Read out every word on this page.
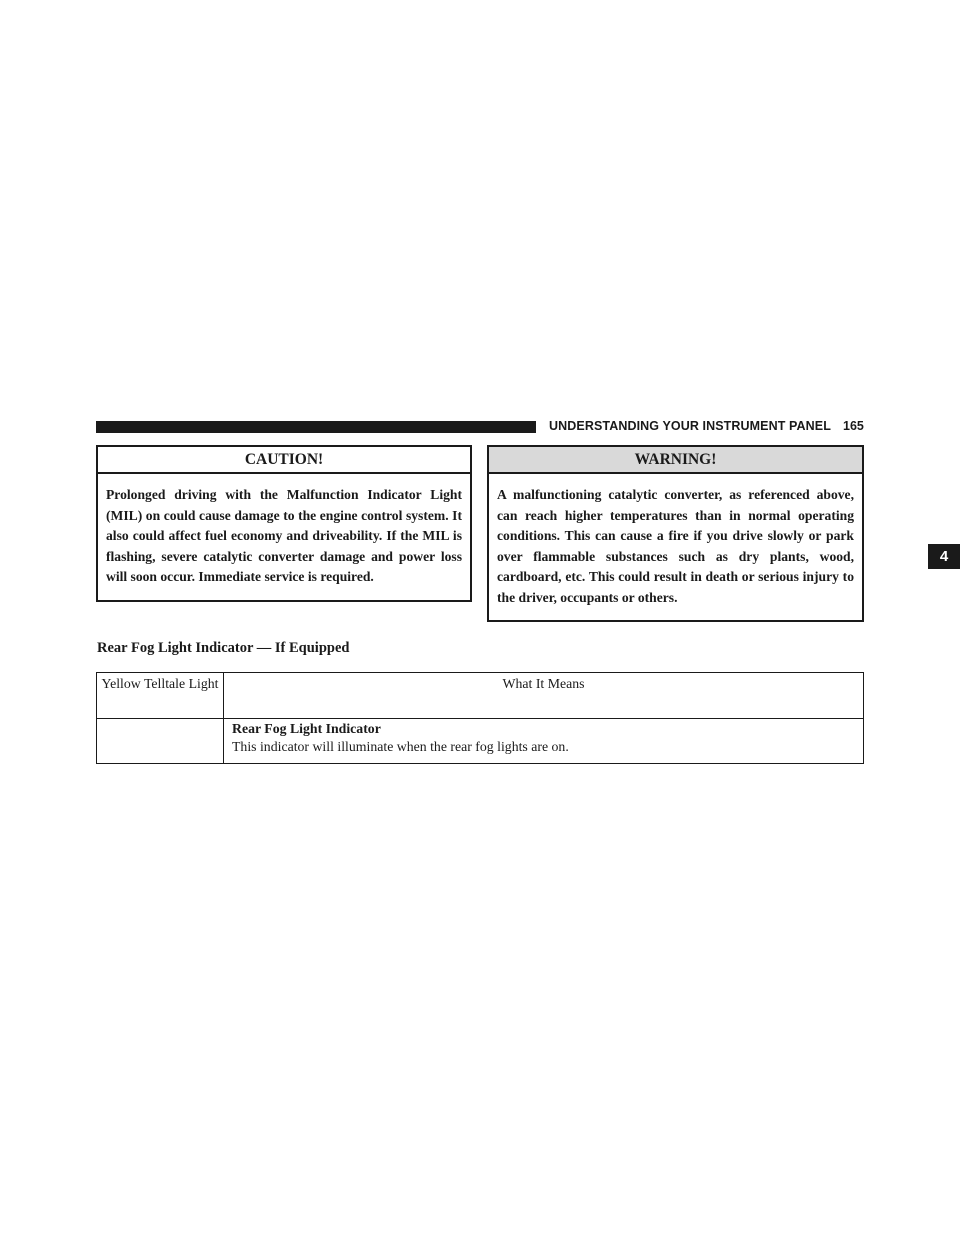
UNDERSTANDING YOUR INSTRUMENT PANEL 165
4
CAUTION!
Prolonged driving with the Malfunction Indicator Light (MIL) on could cause damage to the engine control system. It also could affect fuel economy and driveability. If the MIL is flashing, severe catalytic converter damage and power loss will soon occur. Immediate service is required.
WARNING!
A malfunctioning catalytic converter, as referenced above, can reach higher temperatures than in normal operating conditions. This can cause a fire if you drive slowly or park over flammable substances such as dry plants, wood, cardboard, etc. This could result in death or serious injury to the driver, occupants or others.
Rear Fog Light Indicator — If Equipped
Yellow Telltale Light	What It Means

	Rear Fog Light Indicator
This indicator will illuminate when the rear fog lights are on.
